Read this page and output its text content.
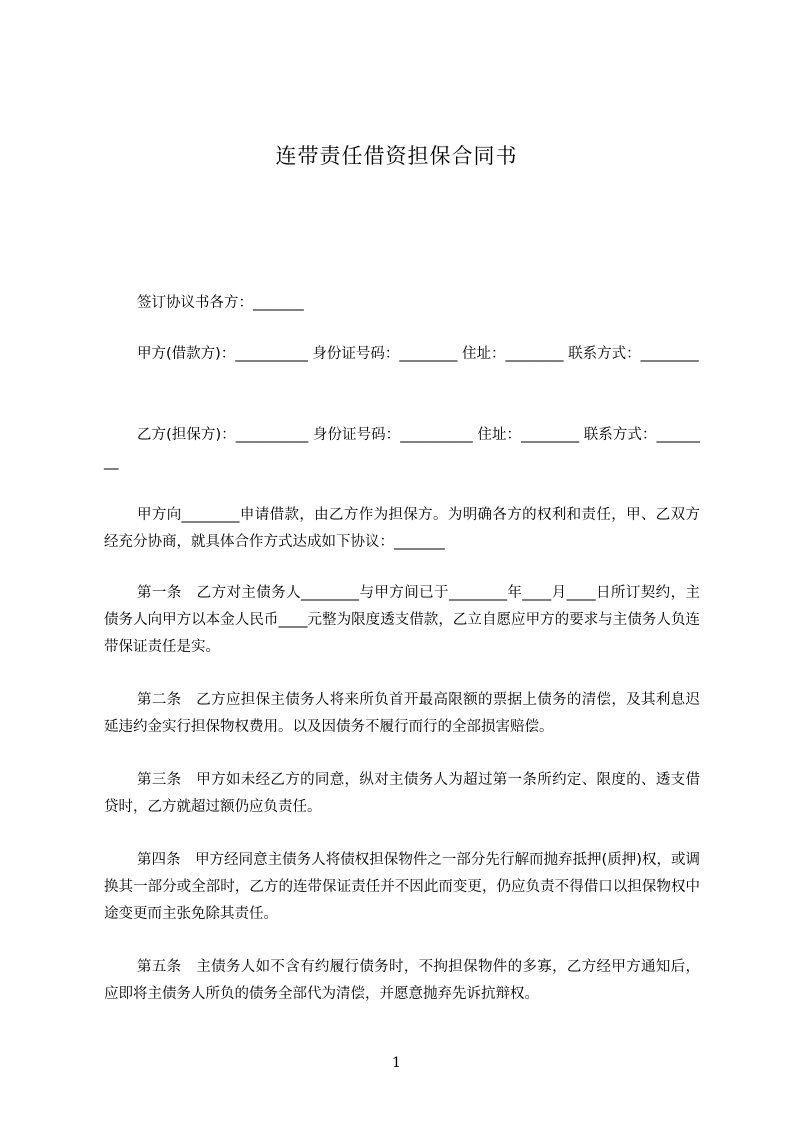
连带责任借资担保合同书

签订协议书各方：_______

甲方(借款方)：__________ 身份证号码：________ 住址：________ 联系方式：________

乙方(担保方)：__________ 身份证号码：__________ 住址：________ 联系方式：________

甲方向________申请借款，由乙方作为担保方。为明确各方的权利和责任，甲、乙双方经充分协商，就具体合作方式达成如下协议：_______

第一条　乙方对主债务人________与甲方间已于________年____月____日所订契约，主债务人向甲方以本金人民币____元整为限度透支借款，乙立自愿应甲方的要求与主债务人负连带保证责任是实。

第二条　乙方应担保主债务人将来所负首开最高限额的票据上债务的清偿，及其利息迟延违约金实行担保物权费用。以及因债务不履行而行的全部损害赔偿。

第三条　甲方如未经乙方的同意，纵对主债务人为超过第一条所约定、限度的、透支借贷时，乙方就超过额仍应负责任。

第四条　甲方经同意主债务人将债权担保物件之一部分先行解而抛弃抵押(质押)权，或调换其一部分或全部时，乙方的连带保证责任并不因此而变更，仍应负责不得借口以担保物权中途变更而主张免除其责任。

第五条　主债务人如不含有约履行债务时，不拘担保物件的多寡，乙方经甲方通知后，应即将主债务人所负的债务全部代为清偿，并愿意抛弃先诉抗辩权。

1
